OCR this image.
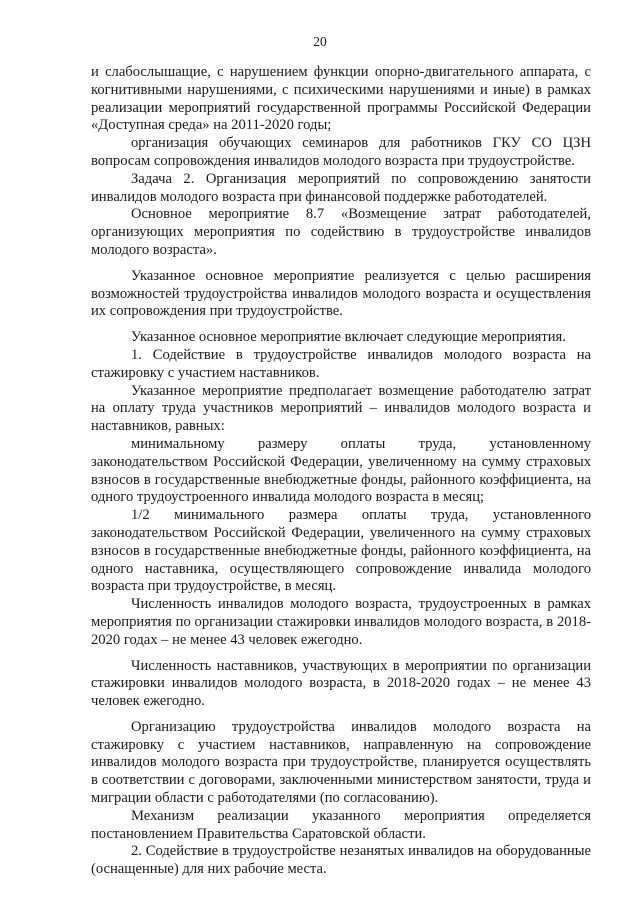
20

и слабослышащие, с нарушением функции опорно-двигательного аппарата, с когнитивными нарушениями, с психическими нарушениями и иные) в рамках реализации мероприятий государственной программы Российской Федерации «Доступная среда» на 2011-2020 годы;

организация обучающих семинаров для работников ГКУ СО ЦЗН вопросам сопровождения инвалидов молодого возраста при трудоустройстве.

Задача 2. Организация мероприятий по сопровождению занятости инвалидов молодого возраста при финансовой поддержке работодателей.

Основное мероприятие 8.7 «Возмещение затрат работодателей, организующих мероприятия по содействию в трудоустройстве инвалидов молодого возраста».

Указанное основное мероприятие реализуется с целью расширения возможностей трудоустройства инвалидов молодого возраста и осуществления их сопровождения при трудоустройстве.

Указанное основное мероприятие включает следующие мероприятия.

1. Содействие в трудоустройстве инвалидов молодого возраста на стажировку с участием наставников.

Указанное мероприятие предполагает возмещение работодателю затрат на оплату труда участников мероприятий – инвалидов молодого возраста и наставников, равных:

минимальному размеру оплаты труда, установленному законодательством Российской Федерации, увеличенному на сумму страховых взносов в государственные внебюджетные фонды, районного коэффициента, на одного трудоустроенного инвалида молодого возраста в месяц;

1/2 минимального размера оплаты труда, установленного законодательством Российской Федерации, увеличенного на сумму страховых взносов в государственные внебюджетные фонды, районного коэффициента, на одного наставника, осуществляющего сопровождение инвалида молодого возраста при трудоустройстве, в месяц.

Численность инвалидов молодого возраста, трудоустроенных в рамках мероприятия по организации стажировки инвалидов молодого возраста, в 2018-2020 годах – не менее 43 человек ежегодно.

Численность наставников, участвующих в мероприятии по организации стажировки инвалидов молодого возраста, в 2018-2020 годах – не менее 43 человек ежегодно.

Организацию трудоустройства инвалидов молодого возраста на стажировку с участием наставников, направленную на сопровождение инвалидов молодого возраста при трудоустройстве, планируется осуществлять в соответствии с договорами, заключенными министерством занятости, труда и миграции области с работодателями (по согласованию).

Механизм реализации указанного мероприятия определяется постановлением Правительства Саратовской области.

2. Содействие в трудоустройстве незанятых инвалидов на оборудованные (оснащенные) для них рабочие места.
